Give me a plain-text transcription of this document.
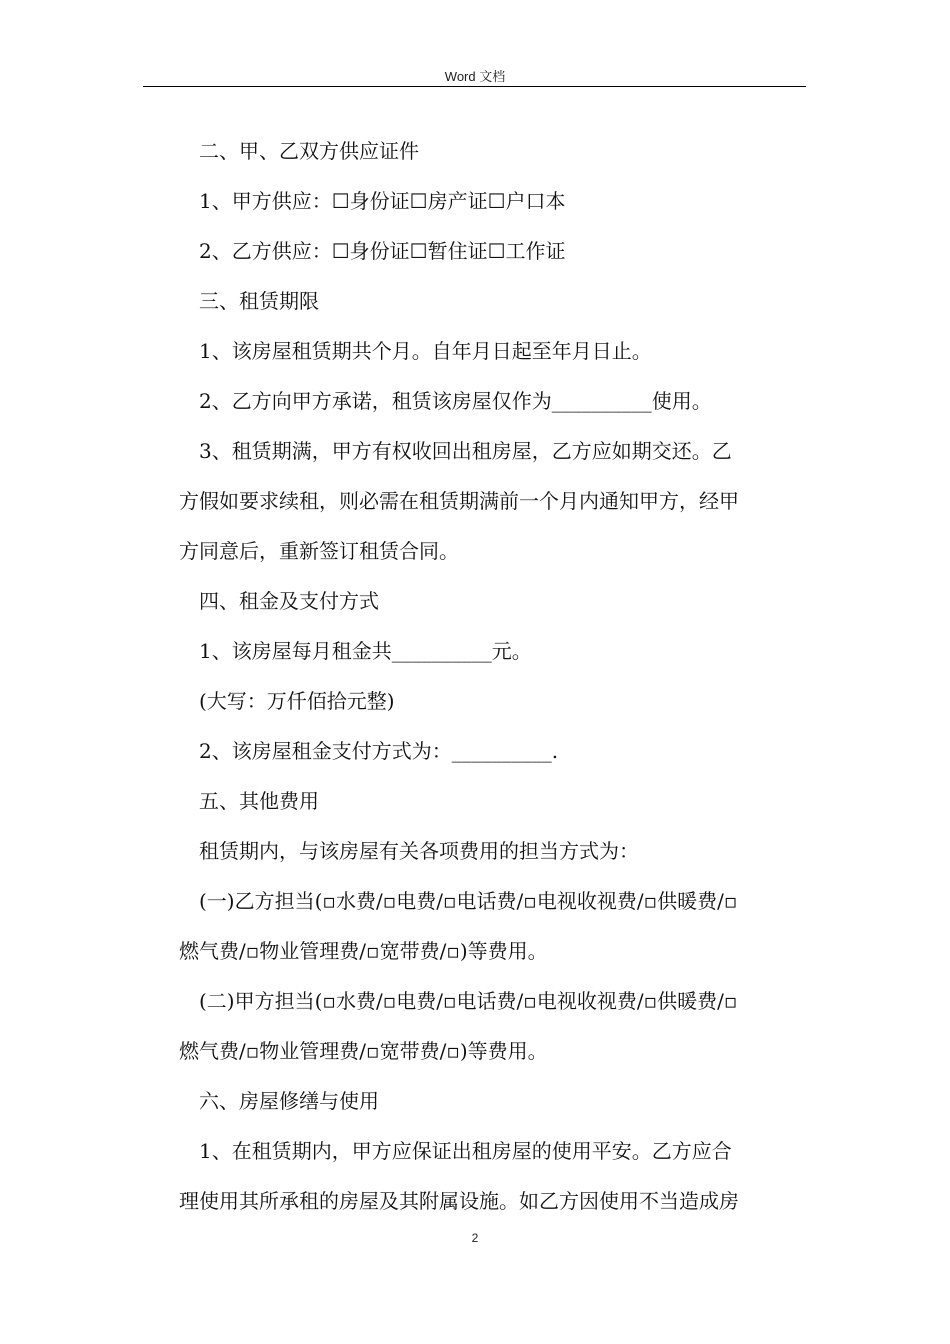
Word 文档
二、甲、乙双方供应证件
1、甲方供应：☐身份证☐房产证☐户口本
2、乙方供应：☐身份证☐暂住证☐工作证
三、租赁期限
1、该房屋租赁期共个月。自年月日起至年月日止。
2、乙方向甲方承诺，租赁该房屋仅作为__________使用。
3、租赁期满，甲方有权收回出租房屋，乙方应如期交还。乙
方假如要求续租，则必需在租赁期满前一个月内通知甲方，经甲
方同意后，重新签订租赁合同。
四、租金及支付方式
1、该房屋每月租金共__________元。
(大写：万仟佰拾元整)
2、该房屋租金支付方式为：__________.
五、其他费用
租赁期内，与该房屋有关各项费用的担当方式为：
(一)乙方担当(▫水费/▫电费/▫电话费/▫电视收视费/▫供暖费/▫
燃气费/▫物业管理费/▫宽带费/▫)等费用。
(二)甲方担当(▫水费/▫电费/▫电话费/▫电视收视费/▫供暖费/▫
燃气费/▫物业管理费/▫宽带费/▫)等费用。
六、房屋修缮与使用
1、在租赁期内，甲方应保证出租房屋的使用平安。乙方应合
理使用其所承租的房屋及其附属设施。如乙方因使用不当造成房
2
